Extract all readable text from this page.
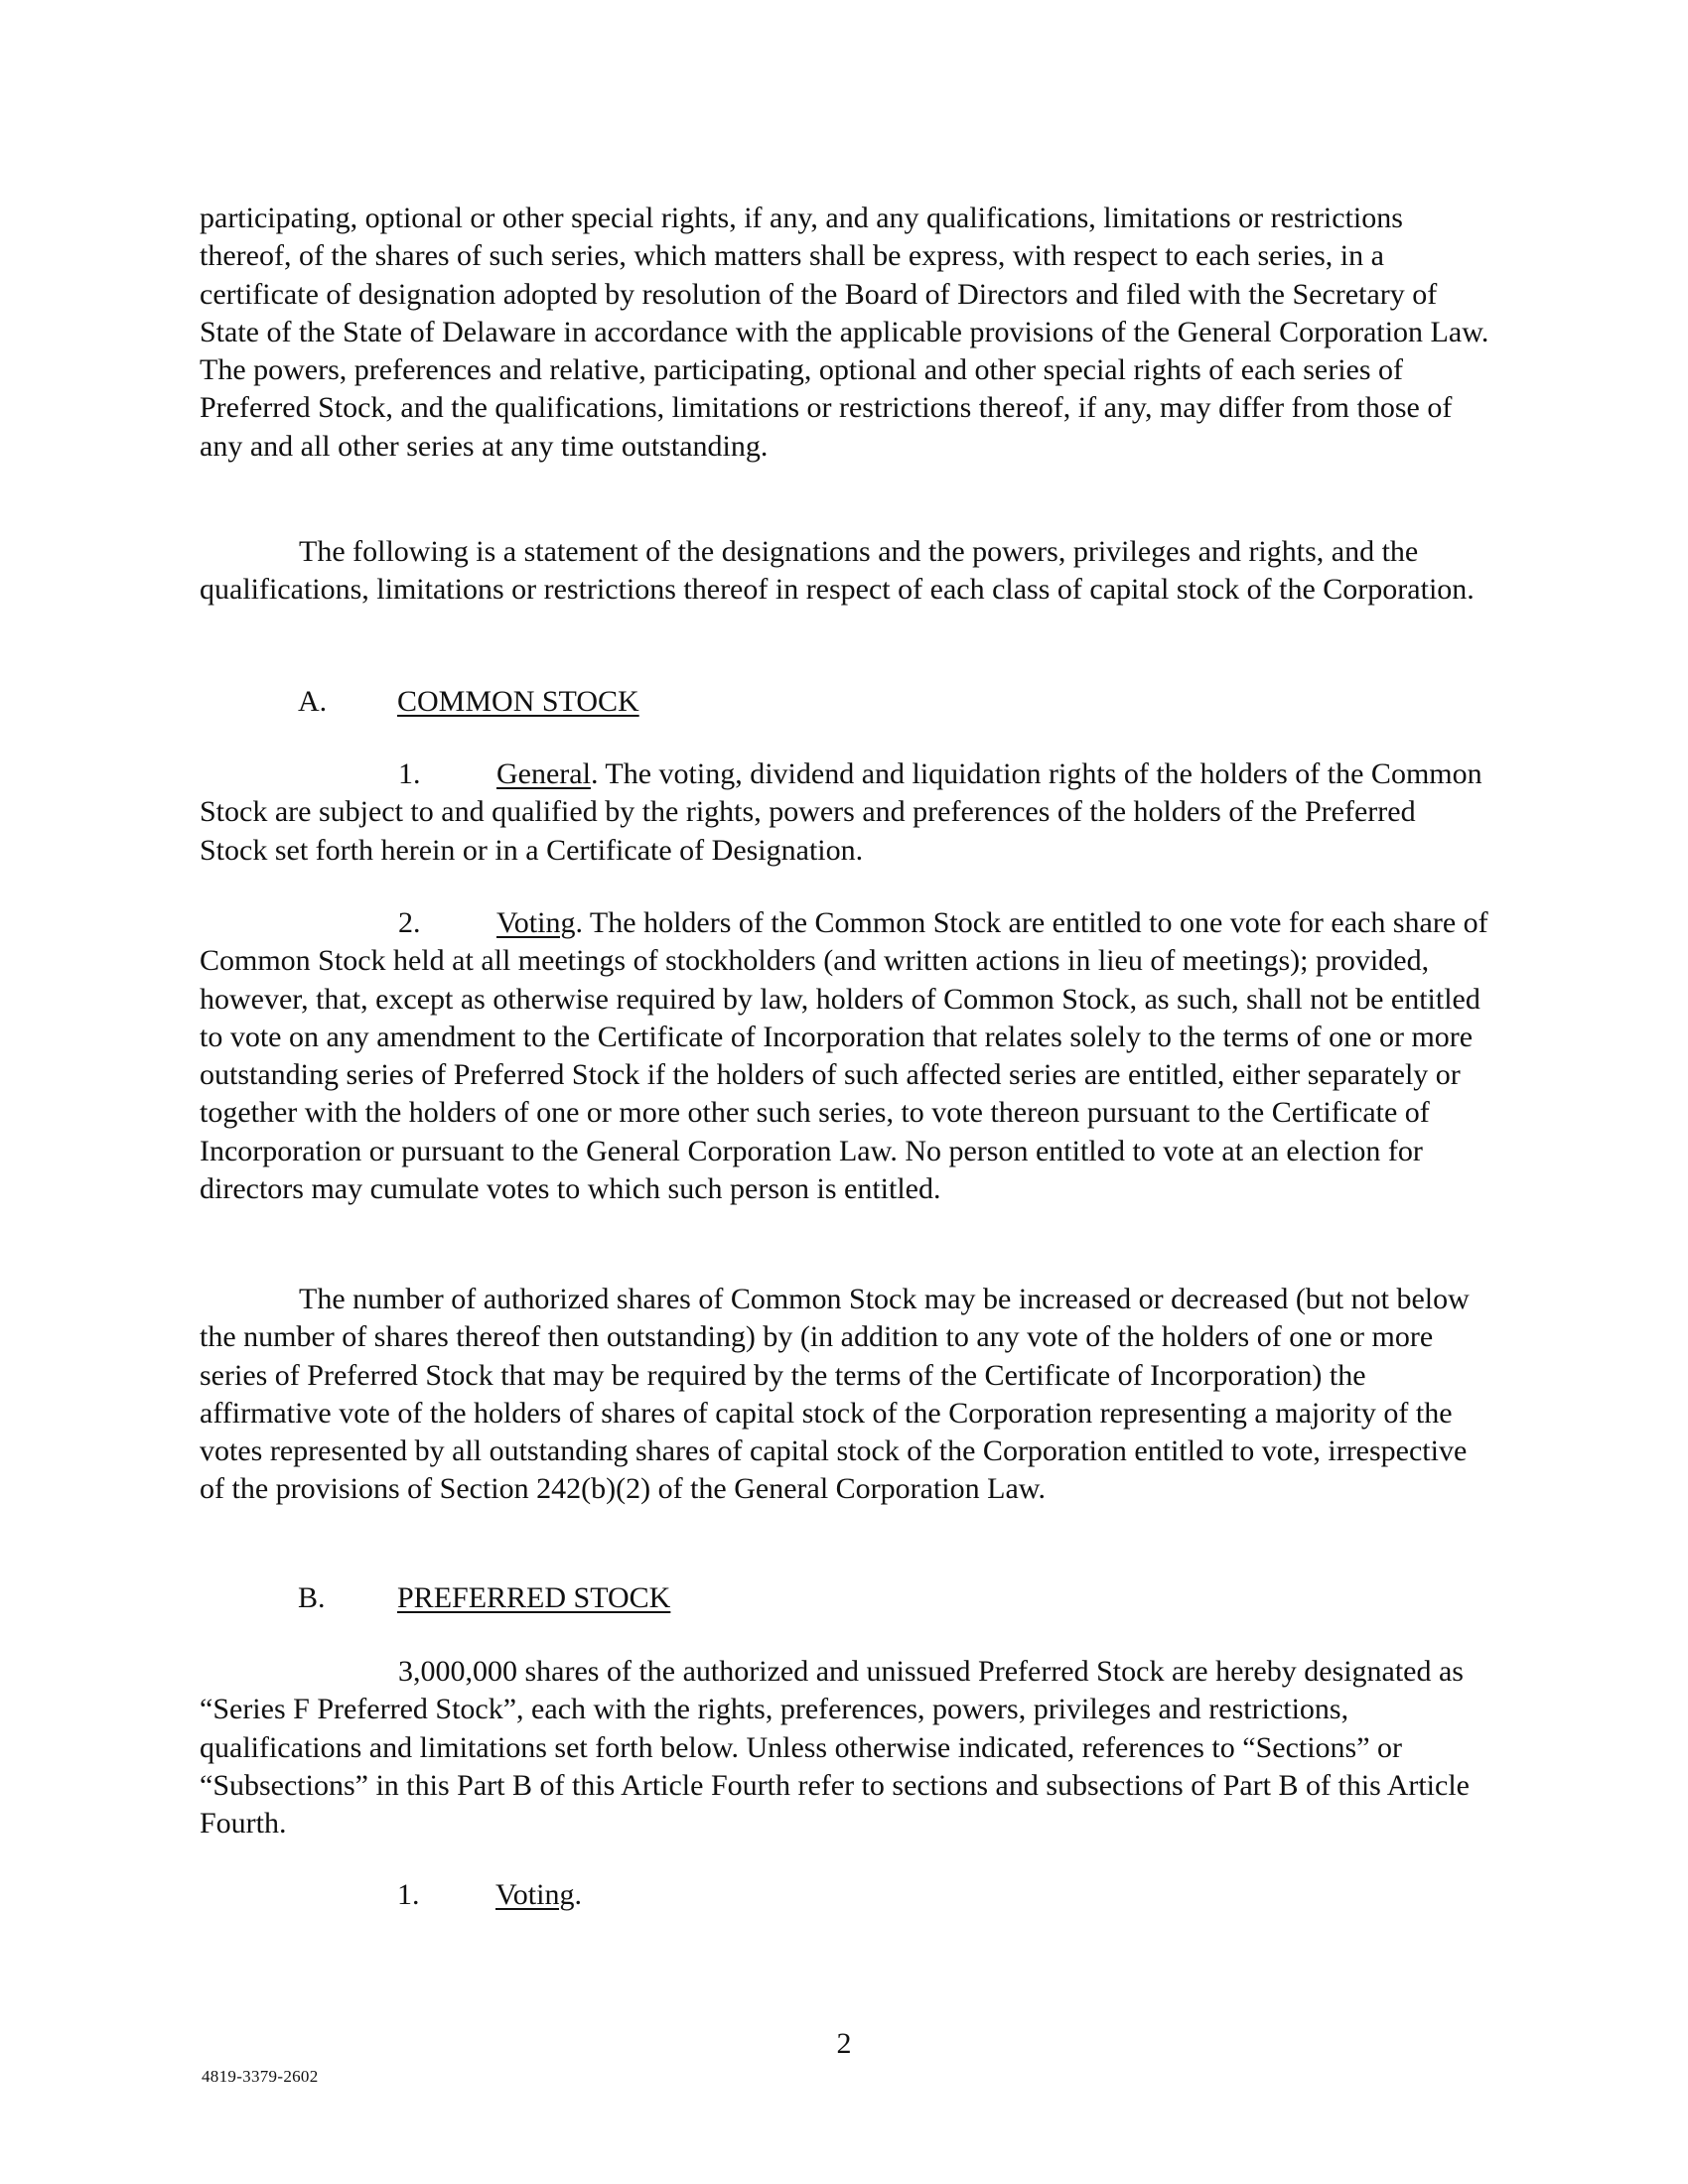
participating, optional or other special rights, if any, and any qualifications, limitations or restrictions thereof, of the shares of such series, which matters shall be express, with respect to each series, in a certificate of designation adopted by resolution of the Board of Directors and filed with the Secretary of State of the State of Delaware in accordance with the applicable provisions of the General Corporation Law. The powers, preferences and relative, participating, optional and other special rights of each series of Preferred Stock, and the qualifications, limitations or restrictions thereof, if any, may differ from those of any and all other series at any time outstanding.

The following is a statement of the designations and the powers, privileges and rights, and the qualifications, limitations or restrictions thereof in respect of each class of capital stock of the Corporation.

A. COMMON STOCK

1.	General. The voting, dividend and liquidation rights of the holders of the Common Stock are subject to and qualified by the rights, powers and preferences of the holders of the Preferred Stock set forth herein or in a Certificate of Designation.

2.	Voting. The holders of the Common Stock are entitled to one vote for each share of Common Stock held at all meetings of stockholders (and written actions in lieu of meetings); provided, however, that, except as otherwise required by law, holders of Common Stock, as such, shall not be entitled to vote on any amendment to the Certificate of Incorporation that relates solely to the terms of one or more outstanding series of Preferred Stock if the holders of such affected series are entitled, either separately or together with the holders of one or more other such series, to vote thereon pursuant to the Certificate of Incorporation or pursuant to the General Corporation Law. No person entitled to vote at an election for directors may cumulate votes to which such person is entitled.

The number of authorized shares of Common Stock may be increased or decreased (but not below the number of shares thereof then outstanding) by (in addition to any vote of the holders of one or more series of Preferred Stock that may be required by the terms of the Certificate of Incorporation) the affirmative vote of the holders of shares of capital stock of the Corporation representing a majority of the votes represented by all outstanding shares of capital stock of the Corporation entitled to vote, irrespective of the provisions of Section 242(b)(2) of the General Corporation Law.

B. PREFERRED STOCK

3,000,000 shares of the authorized and unissued Preferred Stock are hereby designated as “Series F Preferred Stock”, each with the rights, preferences, powers, privileges and restrictions, qualifications and limitations set forth below. Unless otherwise indicated, references to “Sections” or “Subsections” in this Part B of this Article Fourth refer to sections and subsections of Part B of this Article Fourth.

1.	Voting.
2
4819-3379-2602
